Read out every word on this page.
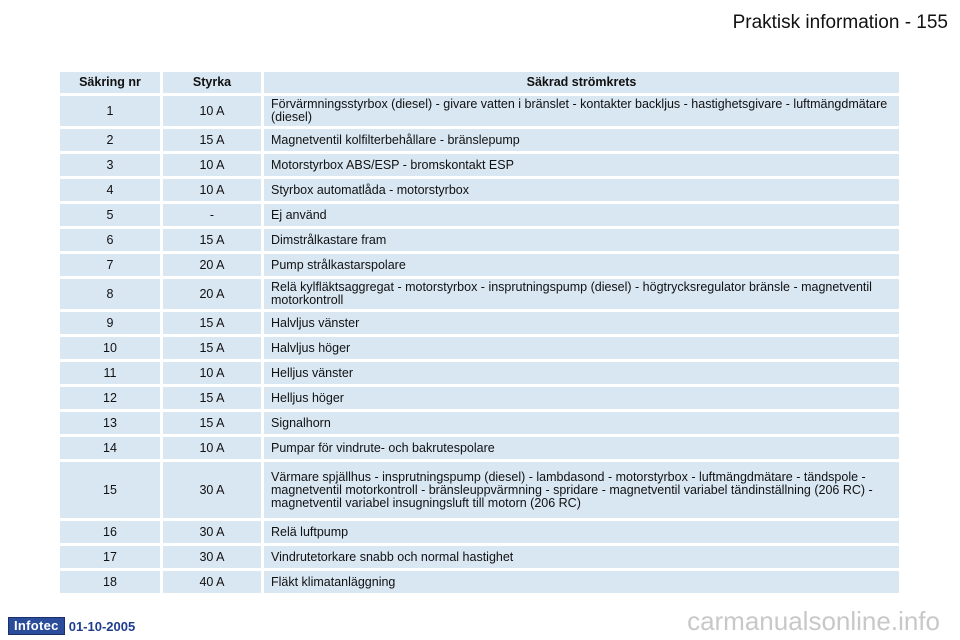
Praktisk information - 155
Säkring nr	Styrka	Säkrad strömkrets
1	10 A	Förvärmningsstyrbox (diesel) - givare vatten i bränslet - kontakter backljus - hastighetsgivare - luftmängdmätare (diesel)
2	15 A	Magnetventil kolfilterbehållare - bränslepump
3	10 A	Motorstyrbox ABS/ESP - bromskontakt ESP
4	10 A	Styrbox automatlåda - motorstyrbox
5	-	Ej använd
6	15 A	Dimstrålkastare fram
7	20 A	Pump strålkastarspolare
8	20 A	Relä kylfläktsaggregat - motorstyrbox - insprutningspump (diesel) - högtrycksregulator bränsle - magnetventil motorkontroll
9	15 A	Halvljus vänster
10	15 A	Halvljus höger
11	10 A	Helljus vänster
12	15 A	Helljus höger
13	15 A	Signalhorn
14	10 A	Pumpar för vindrute- och bakrutespolare
15	30 A	Värmare spjällhus - insprutningspump (diesel) - lambdasond - motorstyrbox - luftmängdmätare - tändspole - magnetventil motorkontroll - bränsleuppvärmning - spridare - magnetventil variabel tändinställning (206 RC) - magnetventil variabel insugningsluft till motorn (206 RC)
16	30 A	Relä luftpump
17	30 A	Vindrutetorkare snabb och normal hastighet
18	40 A	Fläkt klimatanläggning
Infotec 01-10-2005	carmanualsonline.info
